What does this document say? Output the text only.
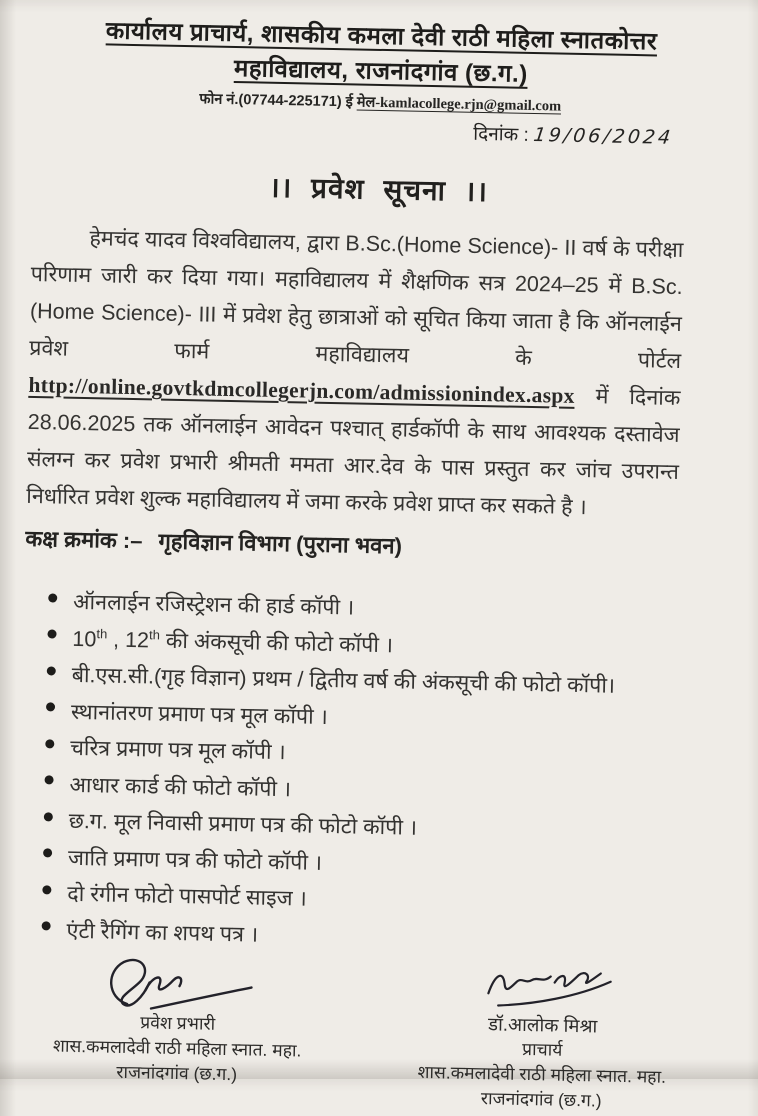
कार्यालय प्राचार्य, शासकीय कमला देवी राठी महिला स्नातकोत्तर
महाविद्यालय, राजनांदगांव (छ.ग.)
फोन नं.(07744-225171) ई मेल-kamlacollege.rjn@gmail.com
दिनांक : 19/06/2024
।। प्रवेश सूचना ।।

हेमचंद यादव विश्वविद्यालय, द्वारा B.Sc.(Home Science)- II वर्ष के परीक्षा परिणाम जारी कर दिया गया। महाविद्यालय में शैक्षणिक सत्र 2024–25 में B.Sc.(Home Science)- III में प्रवेश हेतु छात्राओं को सूचित किया जाता है कि ऑनलाईन प्रवेश फार्म महाविद्यालय के पोर्टल http://online.govtkdmcollegerjn.com/admissionindex.aspx में दिनांक 28.06.2025 तक ऑनलाईन आवेदन पश्चात् हार्डकॉपी के साथ आवश्यक दस्तावेज संलग्न कर प्रवेश प्रभारी श्रीमती ममता आर.देव के पास प्रस्तुत कर जांच उपरान्त निर्धारित प्रवेश शुल्क महाविद्यालय में जमा करके प्रवेश प्राप्त कर सकते है ।

कक्ष क्रमांक :– गृहविज्ञान विभाग (पुराना भवन)
ऑनलाईन रजिस्ट्रेशन की हार्ड कॉपी ।
10th , 12th की अंकसूची की फोटो कॉपी ।
बी.एस.सी.(गृह विज्ञान) प्रथम / द्वितीय वर्ष की अंकसूची की फोटो कॉपी।
स्थानांतरण प्रमाण पत्र मूल कॉपी ।
चरित्र प्रमाण पत्र मूल कॉपी ।
आधार कार्ड की फोटो कॉपी ।
छ.ग. मूल निवासी प्रमाण पत्र की फोटो कॉपी ।
जाति प्रमाण पत्र की फोटो कॉपी ।
दो रंगीन फोटो पासपोर्ट साइज ।
एंटी रैगिंग का शपथ पत्र ।
प्रवेश प्रभारी
शास.कमलादेवी राठी महिला स्नात. महा.
राजनांदगांव (छ.ग.)
डॉ.आलोक मिश्रा
प्राचार्य
शास.कमलादेवी राठी महिला स्नात. महा.
राजनांदगांव (छ.ग.)
